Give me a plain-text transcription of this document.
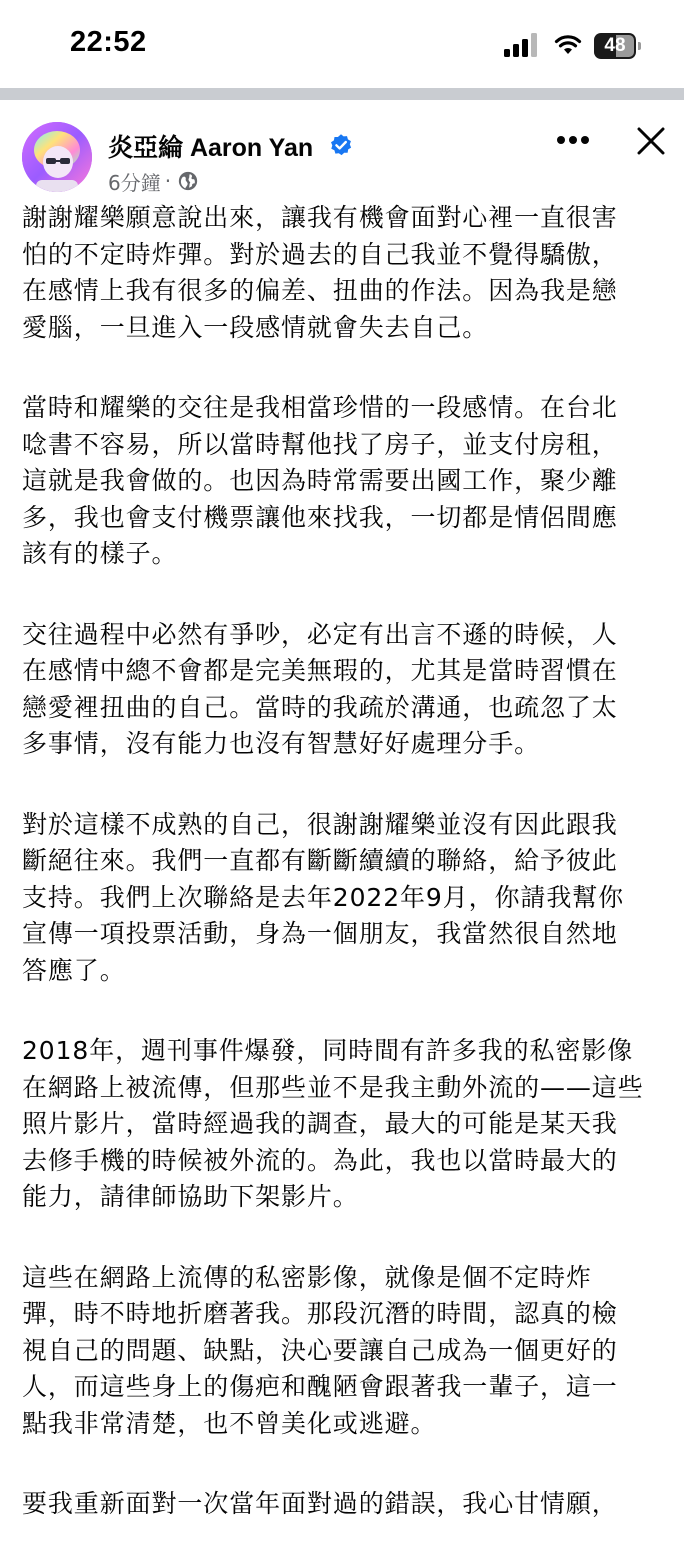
22:52	48
炎亞綸 Aaron Yan
6分鐘 ·

謝謝耀樂願意說出來，讓我有機會面對心裡一直很害
怕的不定時炸彈。對於過去的自己我並不覺得驕傲，
在感情上我有很多的偏差、扭曲的作法。因為我是戀
愛腦，一旦進入一段感情就會失去自己。

當時和耀樂的交往是我相當珍惜的一段感情。在台北
唸書不容易，所以當時幫他找了房子，並支付房租，
這就是我會做的。也因為時常需要出國工作，聚少離
多，我也會支付機票讓他來找我，一切都是情侶間應
該有的樣子。

交往過程中必然有爭吵，必定有出言不遜的時候，人
在感情中總不會都是完美無瑕的，尤其是當時習慣在
戀愛裡扭曲的自己。當時的我疏於溝通，也疏忽了太
多事情，沒有能力也沒有智慧好好處理分手。

對於這樣不成熟的自己，很謝謝耀樂並沒有因此跟我
斷絕往來。我們一直都有斷斷續續的聯絡，給予彼此
支持。我們上次聯絡是去年2022年9月，你請我幫你
宣傳一項投票活動，身為一個朋友，我當然很自然地
答應了。

2018年，週刊事件爆發，同時間有許多我的私密影像
在網路上被流傳，但那些並不是我主動外流的——這些
照片影片，當時經過我的調查，最大的可能是某天我
去修手機的時候被外流的。為此，我也以當時最大的
能力，請律師協助下架影片。

這些在網路上流傳的私密影像，就像是個不定時炸
彈，時不時地折磨著我。那段沉潛的時間，認真的檢
視自己的問題、缺點，決心要讓自己成為一個更好的
人，而這些身上的傷疤和醜陋會跟著我一輩子，這一
點我非常清楚，也不曾美化或逃避。

要我重新面對一次當年面對過的錯誤，我心甘情願，
